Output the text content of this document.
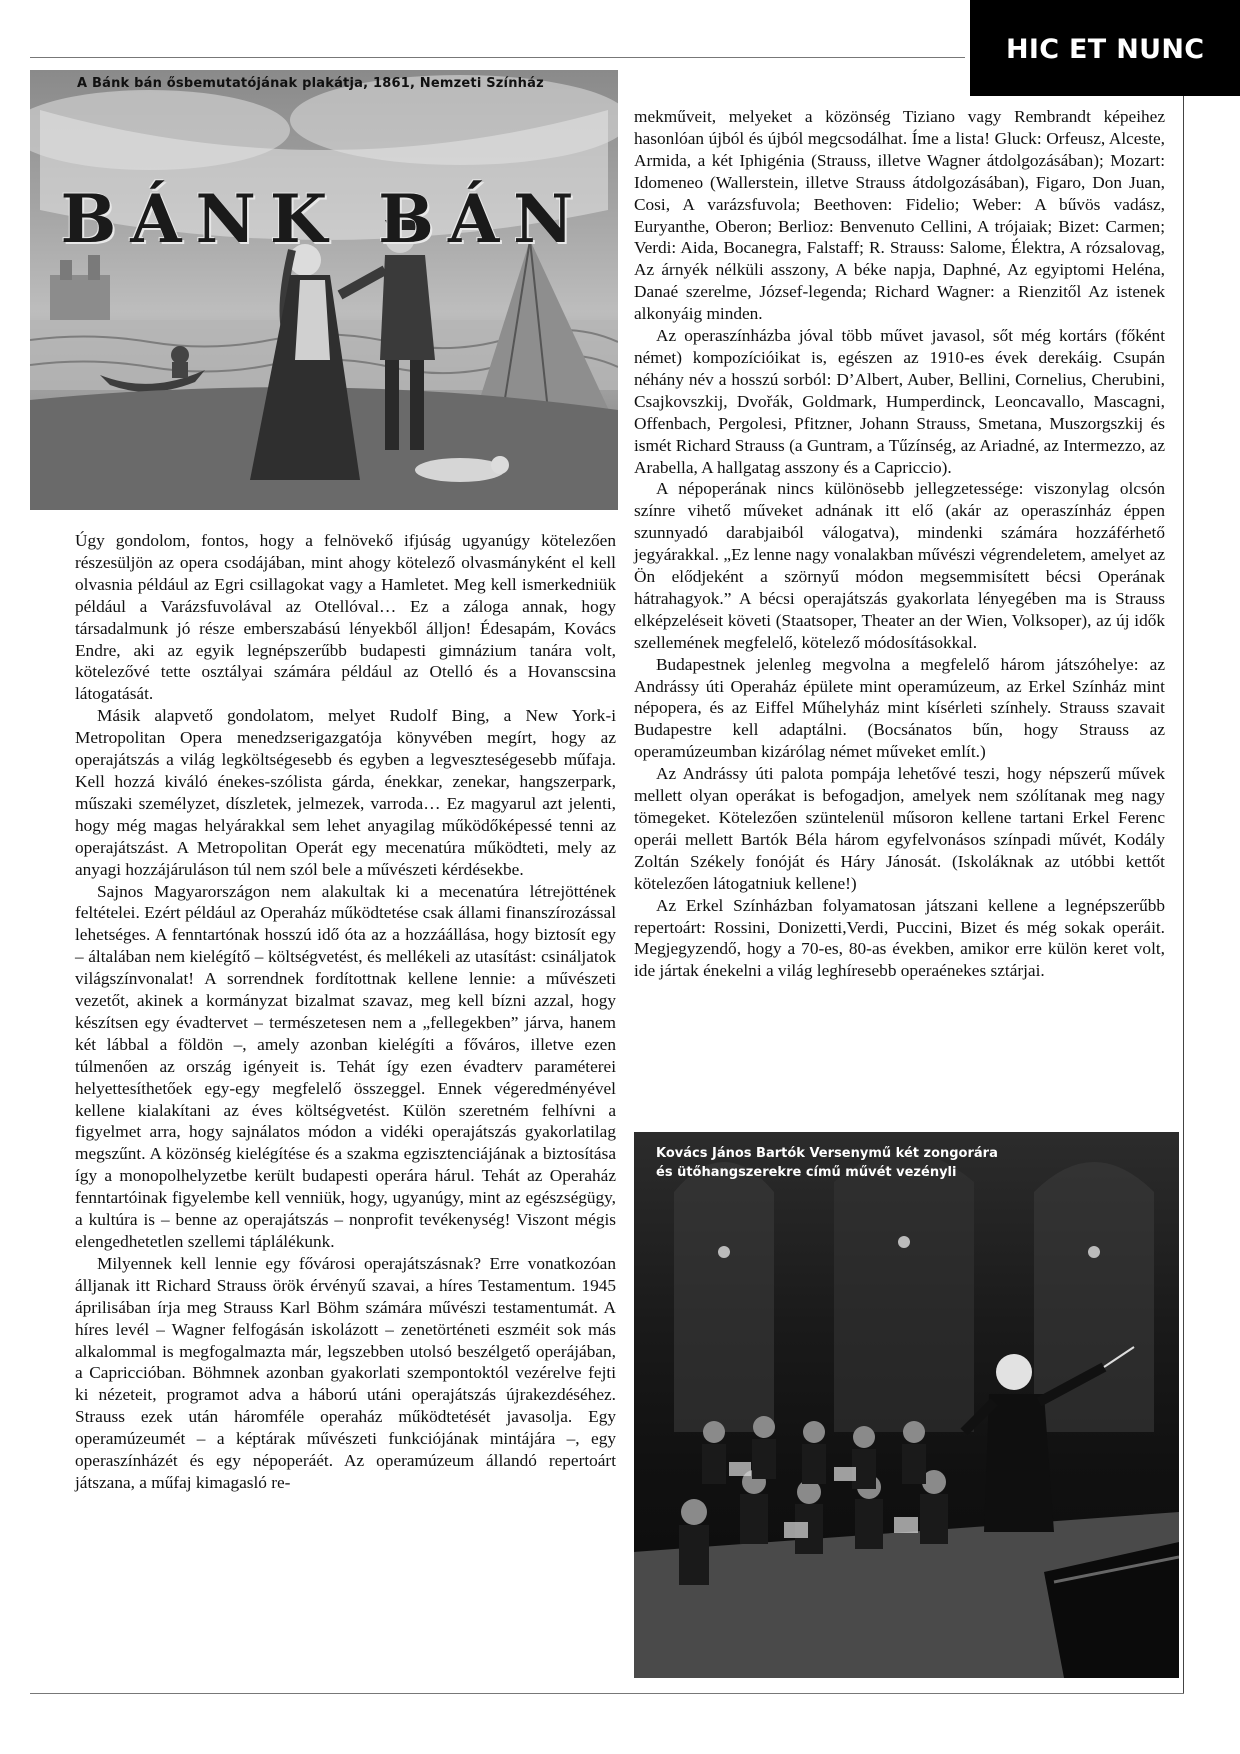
HIC ET NUNC
BÁNK BÁN
A Bánk bán ősbemutatójának plakátja, 1861, Nemzeti Színház

Úgy gondolom, fontos, hogy a felnövekő ifjúság ugyanúgy kötelezően részesüljön az opera csodájában, mint ahogy kötelező olvasmányként el kell olvasnia például az Egri csillagokat vagy a Hamletet. Meg kell ismerkedniük például a Varázsfuvolával az Otellóval… Ez a záloga annak, hogy társadalmunk jó része emberszabású lényekből álljon! Édesapám, Kovács Endre, aki az egyik legnépszerűbb budapesti gimnázium tanára volt, kötelezővé tette osztályai számára például az Otelló és a Hovanscsina látogatását.

Másik alapvető gondolatom, melyet Rudolf Bing, a New York-i Metropolitan Opera menedzserigazgatója könyvében megírt, hogy az operajátszás a világ legköltségesebb és egyben a legveszteségesebb műfaja. Kell hozzá kiváló énekes-szólista gárda, énekkar, zenekar, hangszerpark, műszaki személyzet, díszletek, jelmezek, varroda… Ez magyarul azt jelenti, hogy még magas helyárakkal sem lehet anyagilag működőképessé tenni az operajátszást. A Metropolitan Operát egy mecenatúra működteti, mely az anyagi hozzájáruláson túl nem szól bele a művészeti kérdésekbe.

Sajnos Magyarországon nem alakultak ki a mecenatúra létrejöttének feltételei. Ezért például az Operaház működtetése csak állami finanszírozással lehetséges. A fenntartónak hosszú idő óta az a hozzáállása, hogy biztosít egy – általában nem kielégítő – költségvetést, és mellékeli az utasítást: csináljatok világszínvonalat! A sorrendnek fordítottnak kellene lennie: a művészeti vezetőt, akinek a kormányzat bizalmat szavaz, meg kell bízni azzal, hogy készítsen egy évadtervet – természetesen nem a „fellegekben” járva, hanem két lábbal a földön –, amely azonban kielégíti a főváros, illetve ezen túlmenően az ország igényeit is. Tehát így ezen évadterv paraméterei helyettesíthetőek egy-egy megfelelő összeggel. Ennek végeredményével kellene kialakítani az éves költségvetést. Külön szeretném felhívni a figyelmet arra, hogy sajnálatos módon a vidéki operajátszás gyakorlatilag megszűnt. A közönség kielégítése és a szakma egzisztenciájának a biztosítása így a monopolhelyzetbe került budapesti operára hárul. Tehát az Operaház fenntartóinak figyelembe kell venniük, hogy, ugyanúgy, mint az egészségügy, a kultúra is – benne az operajátszás – nonprofit tevékenység! Viszont mégis elengedhetetlen szellemi táplálékunk.

Milyennek kell lennie egy fővárosi operajátszásnak? Erre vonatkozóan álljanak itt Richard Strauss örök érvényű szavai, a híres Testamentum. 1945 áprilisában írja meg Strauss Karl Böhm számára művészi testamentumát. A híres levél – Wagner felfogásán iskolázott – zenetörténeti eszméit sok más alkalommal is megfogalmazta már, legszebben utolsó beszélgető operájában, a Capriccióban. Böhmnek azonban gyakorlati szempontoktól vezérelve fejti ki nézeteit, programot adva a háború utáni operajátszás újrakezdéséhez. Strauss ezek után háromféle operaház működtetését javasolja. Egy operamúzeumét – a képtárak művészeti funkciójának mintájára –, egy operaszínházét és egy népoperáét. Az operamúzeum állandó repertoárt játszana, a műfaj kimagasló re-

mekműveit, melyeket a közönség Tiziano vagy Rembrandt képeihez hasonlóan újból és újból megcsodálhat. Íme a lista! Gluck: Orfeusz, Alceste, Armida, a két Iphigénia (Strauss, illetve Wagner átdolgozásában); Mozart: Idomeneo (Wallerstein, illetve Strauss átdolgozásában), Figaro, Don Juan, Cosi, A varázsfuvola; Beethoven: Fidelio; Weber: A bűvös vadász, Euryanthe, Oberon; Berlioz: Benvenuto Cellini, A trójaiak; Bizet: Carmen; Verdi: Aida, Bocanegra, Falstaff; R. Strauss: Salome, Élektra, A rózsalovag, Az árnyék nélküli asszony, A béke napja, Daphné, Az egyiptomi Heléna, Danaé szerelme, József-legenda; Richard Wagner: a Rienzitől Az istenek alkonyáig minden.

Az operaszínházba jóval több művet javasol, sőt még kortárs (főként német) kompozícióikat is, egészen az 1910-es évek derekáig. Csupán néhány név a hosszú sorból: D’Albert, Auber, Bellini, Cornelius, Cherubini, Csajkovszkij, Dvořák, Goldmark, Humperdinck, Leoncavallo, Mascagni, Offenbach, Pergolesi, Pfitzner, Johann Strauss, Smetana, Muszorgszkij és ismét Richard Strauss (a Guntram, a Tűzínség, az Ariadné, az Intermezzo, az Arabella, A hallgatag asszony és a Capriccio).

A népoperának nincs különösebb jellegzetessége: viszonylag olcsón színre vihető műveket adnának itt elő (akár az operaszínház éppen szunnyadó darabjaiból válogatva), mindenki számára hozzáférhető jegyárakkal. „Ez lenne nagy vonalakban művészi végrendeletem, amelyet az Ön elődjeként a szörnyű módon megsemmisített bécsi Operának hátrahagyok.” A bécsi operajátszás gyakorlata lényegében ma is Strauss elképzeléseit követi (Staatsoper, Theater an der Wien, Volksoper), az új idők szellemének megfelelő, kötelező módosításokkal.

Budapestnek jelenleg megvolna a megfelelő három játszóhelye: az Andrássy úti Operaház épülete mint operamúzeum, az Erkel Színház mint népopera, és az Eiffel Műhelyház mint kísérleti színhely. Strauss szavait Budapestre kell adaptálni. (Bocsánatos bűn, hogy Strauss az operamúzeumban kizárólag német műveket említ.)

Az Andrássy úti palota pompája lehetővé teszi, hogy népszerű művek mellett olyan operákat is befogadjon, amelyek nem szólítanak meg nagy tömegeket. Kötelezően szüntelenül műsoron kellene tartani Erkel Ferenc operái mellett Bartók Béla három egyfelvonásos színpadi művét, Kodály Zoltán Székely fonóját és Háry Jánosát. (Iskoláknak az utóbbi kettőt kötelezően látogatniuk kellene!)

Az Erkel Színházban folyamatosan játszani kellene a legnépszerűbb repertoárt: Rossini, Donizetti,Verdi, Puccini, Bizet és még sokak operáit. Megjegyzendő, hogy a 70-es, 80-as években, amikor erre külön keret volt, ide jártak énekelni a világ leghíresebb operaénekes sztárjai.

Kovács János Bartók Versenymű két zongorára
és ütőhangszerekre című művét vezényli
